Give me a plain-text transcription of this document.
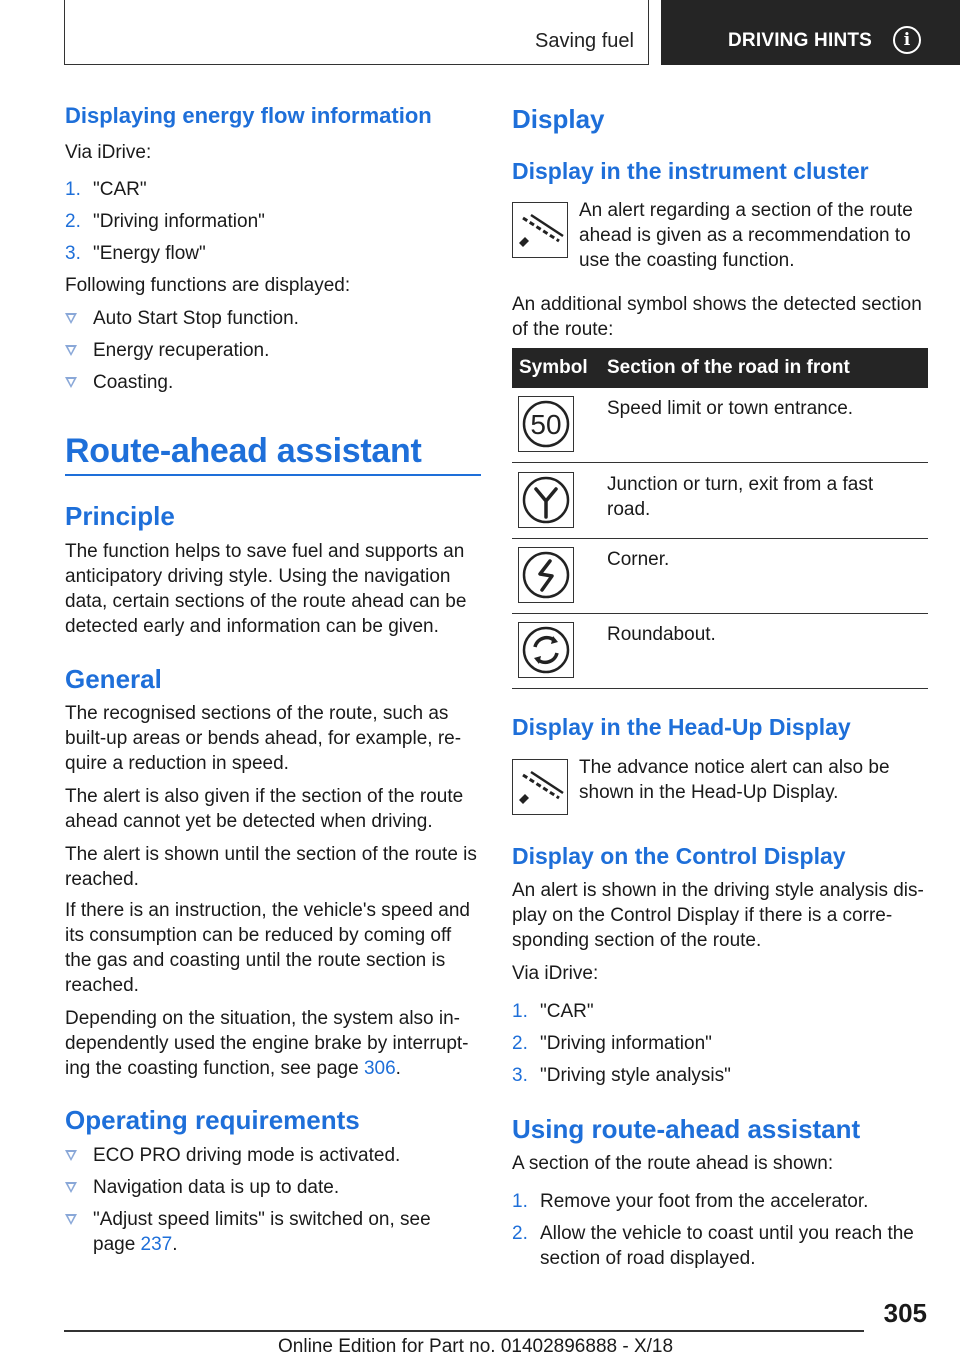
Saving fuel	DRIVING HINTS	i
Displaying energy flow information
Via iDrive:
1. "CAR"
2. "Driving information"
3. "Energy flow"
Following functions are displayed:
Auto Start Stop function.
Energy recuperation.
Coasting.
Route-ahead assistant
Principle
The function helps to save fuel and supports an anticipatory driving style. Using the navigation data, certain sections of the route ahead can be detected early and information can be given.
General
The recognised sections of the route, such as built-up areas or bends ahead, for example, re‐quire a reduction in speed.
The alert is also given if the section of the route ahead cannot yet be detected when driving.
The alert is shown until the section of the route is reached.
If there is an instruction, the vehicle's speed and its consumption can be reduced by coming off the gas and coasting until the route section is reached.
Depending on the situation, the system also in‐dependently used the engine brake by interrupt‐ing the coasting function, see page 306.
Operating requirements
ECO PRO driving mode is activated.
Navigation data is up to date.
"Adjust speed limits" is switched on, see page 237.
Display
Display in the instrument cluster
An alert regarding a section of the route ahead is given as a recommendation to use the coasting function.
An additional symbol shows the detected section of the route:
Symbol Section of the road in front
50
Speed limit or town entrance.
Junction or turn, exit from a fast road.
Corner.
Roundabout.
Display in the Head-Up Display
The advance notice alert can also be shown in the Head-Up Display.
Display on the Control Display
An alert is shown in the driving style analysis dis‐play on the Control Display if there is a corre‐sponding section of the route.
Via iDrive:
1. "CAR"
2. "Driving information"
3. "Driving style analysis"
Using route-ahead assistant
A section of the route ahead is shown:
1. Remove your foot from the accelerator.
2. Allow the vehicle to coast until you reach the section of road displayed.
305
Online Edition for Part no. 01402896888 - X/18
